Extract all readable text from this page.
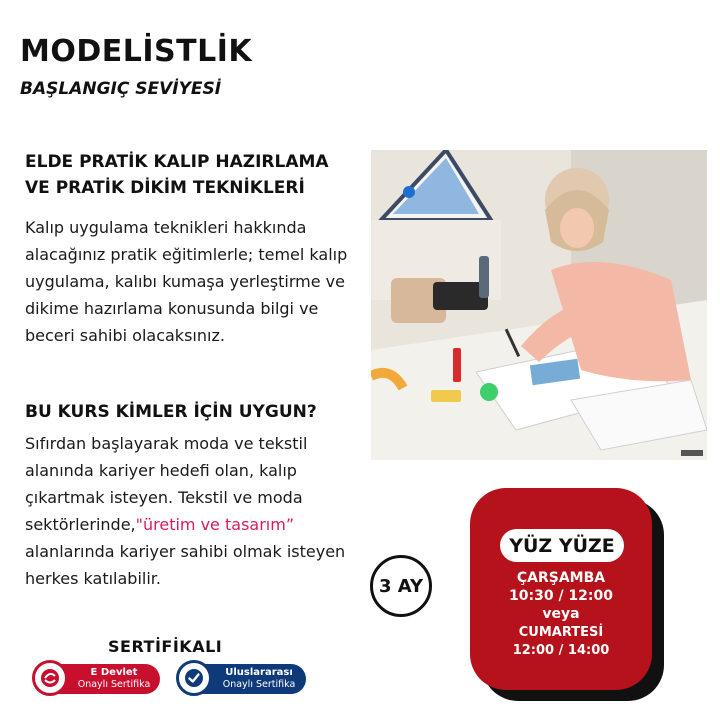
MODELİSTLİK
BAŞLANGIÇ SEVİYESİ
ELDE PRATİK KALIP HAZIRLAMA VE PRATİK DİKİM TEKNİKLERİ
Kalıp uygulama teknikleri hakkında alacağınız pratik eğitimlerle; temel kalıp uygulama, kalıbı kumaşa yerleştirme ve dikime hazırlama konusunda bilgi ve beceri sahibi olacaksınız.
BU KURS KİMLER İÇİN UYGUN?
Sıfırdan başlayarak moda ve tekstil alanında kariyer hedefi olan, kalıp çıkartmak isteyen. Tekstil ve moda sektörlerinde,"üretim ve tasarım” alanlarında kariyer sahibi olmak isteyen herkes katılabilir.	3 AY
YÜZ YÜZE
ÇARŞAMBA
10:30 / 12:00
veya
CUMARTESİ
12:00 / 14:00
SERTİFİKALI
E Devlet
Onaylı Sertifika
Uluslararası
Onaylı Sertifika
